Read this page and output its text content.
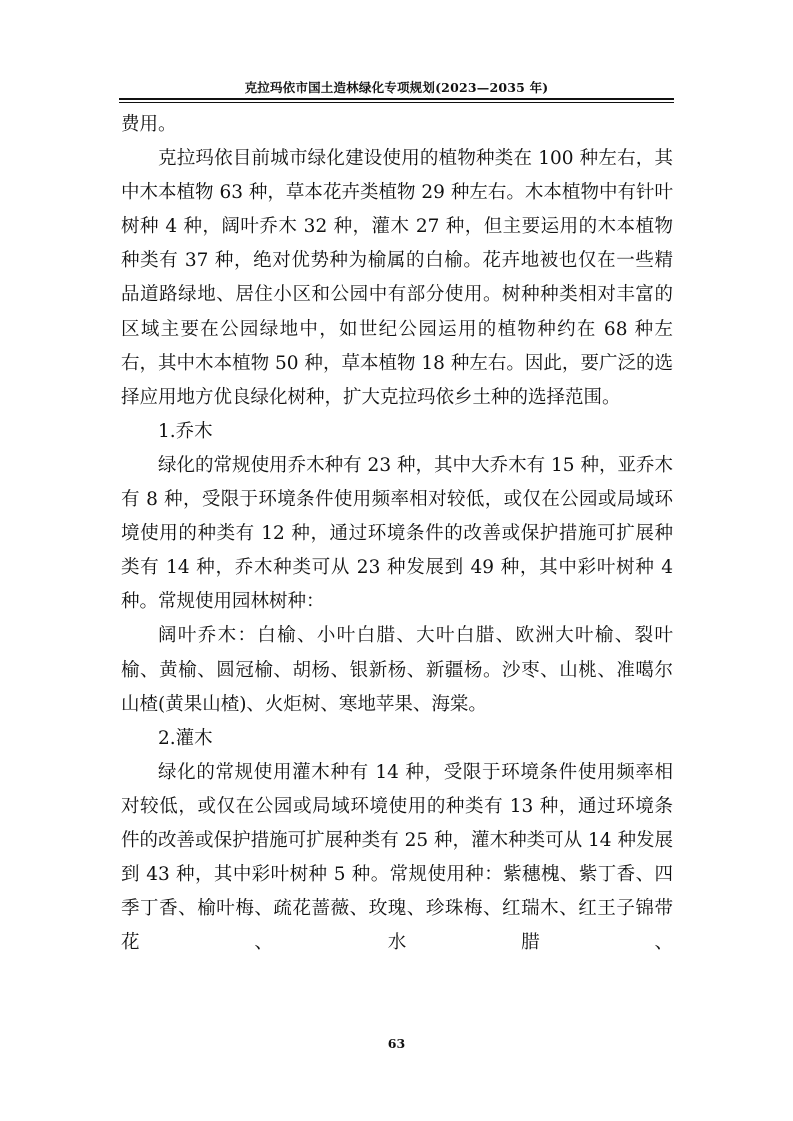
克拉玛依市国土造林绿化专项规划(2023—2035 年)

费用。

克拉玛依目前城市绿化建设使用的植物种类在 100 种左右，其中木本植物 63 种，草本花卉类植物 29 种左右。木本植物中有针叶树种 4 种，阔叶乔木 32 种，灌木 27 种，但主要运用的木本植物种类有 37 种，绝对优势种为榆属的白榆。花卉地被也仅在一些精品道路绿地、居住小区和公园中有部分使用。树种种类相对丰富的区域主要在公园绿地中，如世纪公园运用的植物种约在 68 种左右，其中木本植物 50 种，草本植物 18 种左右。因此，要广泛的选择应用地方优良绿化树种，扩大克拉玛依乡土种的选择范围。

1.乔木

绿化的常规使用乔木种有 23 种，其中大乔木有 15 种，亚乔木有 8 种，受限于环境条件使用频率相对较低，或仅在公园或局域环境使用的种类有 12 种，通过环境条件的改善或保护措施可扩展种类有 14 种，乔木种类可从 23 种发展到 49 种，其中彩叶树种 4 种。常规使用园林树种：

阔叶乔木：白榆、小叶白腊、大叶白腊、欧洲大叶榆、裂叶榆、黄榆、圆冠榆、胡杨、银新杨、新疆杨。沙枣、山桃、准噶尔山楂(黄果山楂)、火炬树、寒地苹果、海棠。

2.灌木

绿化的常规使用灌木种有 14 种，受限于环境条件使用频率相对较低，或仅在公园或局域环境使用的种类有 13 种，通过环境条件的改善或保护措施可扩展种类有 25 种，灌木种类可从 14 种发展到 43 种，其中彩叶树种 5 种。常规使用种：紫穗槐、紫丁香、四季丁香、榆叶梅、疏花蔷薇、玫瑰、珍珠梅、红瑞木、红王子锦带花、水腊、

63
